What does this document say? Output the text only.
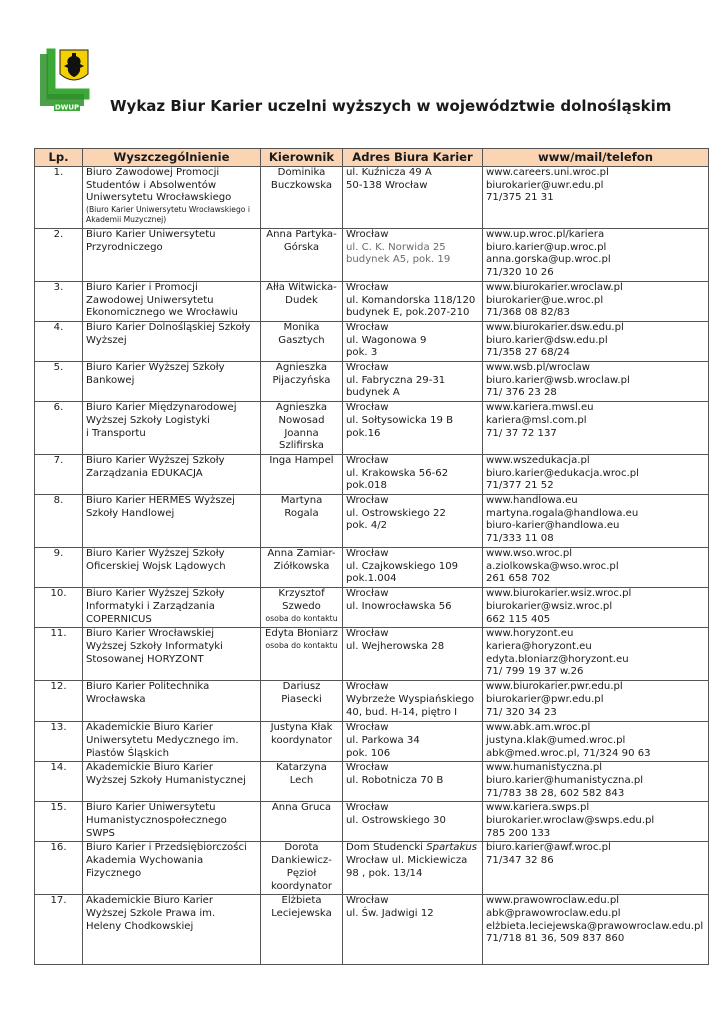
DWUP Wykaz Biur Karier uczelni wyższych w województwie dolnośląskim
Lp.	Wyszczególnienie	Kierownik	Adres Biura Karier	www/mail/telefon
1.	Biuro Zawodowej Promocji
Studentów i Absolwentów
Uniwersytetu Wrocławskiego
(Biuro Karier Uniwersytetu Wrocławskiego i Akademii Muzycznej)	Dominika
Buczkowska	ul. Kuźnicza 49 A
50-138 Wrocław	www.careers.uni.wroc.pl
biurokarier@uwr.edu.pl
71/375 21 31

2.	Biuro Karier Uniwersytetu
Przyrodniczego	Anna Partyka-
Górska	Wrocław
ul. C. K. Norwida 25
budynek A5, pok. 19	www.up.wroc.pl/kariera
biuro.karier@up.wroc.pl
anna.gorska@up.wroc.pl
71/320 10 26

3.	Biuro Karier i Promocji
Zawodowej Uniwersytetu
Ekonomicznego we Wrocławiu	Ałła Witwicka-
Dudek	Wrocław
ul. Komandorska 118/120
budynek E, pok.207-210	www.biurokarier.wroclaw.pl
biurokarier@ue.wroc.pl
71/368 08 82/83

4.	Biuro Karier Dolnośląskiej Szkoły
Wyższej	Monika
Gasztych	Wrocław
ul. Wagonowa 9
pok. 3	www.biurokarier.dsw.edu.pl
biuro.karier@dsw.edu.pl
71/358 27 68/24

5.	Biuro Karier Wyższej Szkoły
Bankowej	Agnieszka
Pijaczyńska	Wrocław
ul. Fabryczna 29-31
budynek A	www.wsb.pl/wroclaw
biuro.karier@wsb.wroclaw.pl
71/ 376 23 28

6.	Biuro Karier Międzynarodowej
Wyższej Szkoły Logistyki
i Transportu	Agnieszka
Nowosad
Joanna
Szlifirska	Wrocław
ul. Sołtysowicka 19 B
pok.16	www.kariera.mwsl.eu
kariera@msl.com.pl
71/ 37 72 137

7.	Biuro Karier Wyższej Szkoły
Zarządzania EDUKACJA	Inga Hampel	Wrocław
ul. Krakowska 56-62
pok.018	www.wszedukacja.pl
biuro.karier@edukacja.wroc.pl
71/377 21 52

8.	Biuro Karier HERMES Wyższej
Szkoły Handlowej	Martyna Rogala	Wrocław
ul. Ostrowskiego 22
pok. 4/2	www.handlowa.eu
martyna.rogala@handlowa.eu
biuro-karier@handlowa.eu
71/333 11 08

9.	Biuro Karier Wyższej Szkoły
Oficerskiej Wojsk Lądowych	Anna Zamiar-
Ziółkowska	Wrocław
ul. Czajkowskiego 109
pok.1.004	www.wso.wroc.pl
a.ziolkowska@wso.wroc.pl
261 658 702

10.	Biuro Karier Wyższej Szkoły
Informatyki i Zarządzania
COPERNICUS	Krzysztof
Szwedo
osoba do kontaktu	Wrocław
ul. Inowrocławska 56	www.biurokarier.wsiz.wroc.pl
biurokarier@wsiz.wroc.pl
662 115 405

11.	Biuro Karier Wrocławskiej
Wyższej Szkoły Informatyki
Stosowanej HORYZONT	Edyta Błoniarz
osoba do kontaktu	Wrocław
ul. Wejherowska 28	www.horyzont.eu
kariera@horyzont.eu
edyta.bloniarz@horyzont.eu
71/ 799 19 37 w.26

12.	Biuro Karier Politechnika
Wrocławska	Dariusz Piasecki	Wrocław
Wybrzeże Wyspiańskiego
40, bud. H-14, piętro I	www.biurokarier.pwr.edu.pl
biurokarier@pwr.edu.pl
71/ 320 34 23

13.	Akademickie Biuro Karier
Uniwersytetu Medycznego im.
Piastów Śląskich	Justyna Kłak
koordynator	Wrocław
ul. Parkowa 34
pok. 106	www.abk.am.wroc.pl
justyna.klak@umed.wroc.pl
abk@med.wroc.pl, 71/324 90 63

14.	Akademickie Biuro Karier
Wyższej Szkoły Humanistycznej	Katarzyna Lech	Wrocław
ul. Robotnicza 70 B	www.humanistyczna.pl
biuro.karier@humanistyczna.pl
71/783 38 28, 602 582 843

15.	Biuro Karier Uniwersytetu
Humanistycznospołecznego
SWPS	Anna Gruca	Wrocław
ul. Ostrowskiego 30	www.kariera.swps.pl
biurokarier.wroclaw@swps.edu.pl
785 200 133

16.	Biuro Karier i Przedsiębiorczości
Akademia Wychowania
Fizycznego	Dorota
Dankiewicz-
Pęzioł
koordynator	Dom Studencki Spartakus
Wrocław ul. Mickiewicza
98 , pok. 13/14	biuro.karier@awf.wroc.pl
71/347 32 86

17.	Akademickie Biuro Karier
Wyższej Szkole Prawa im.
Heleny Chodkowskiej	Elżbieta
Leciejewska	Wrocław
ul. Św. Jadwigi 12	www.prawowroclaw.edu.pl
abk@prawowroclaw.edu.pl
elżbieta.leciejewska@prawowroclaw.edu.pl
71/718 81 36, 509 837 860
